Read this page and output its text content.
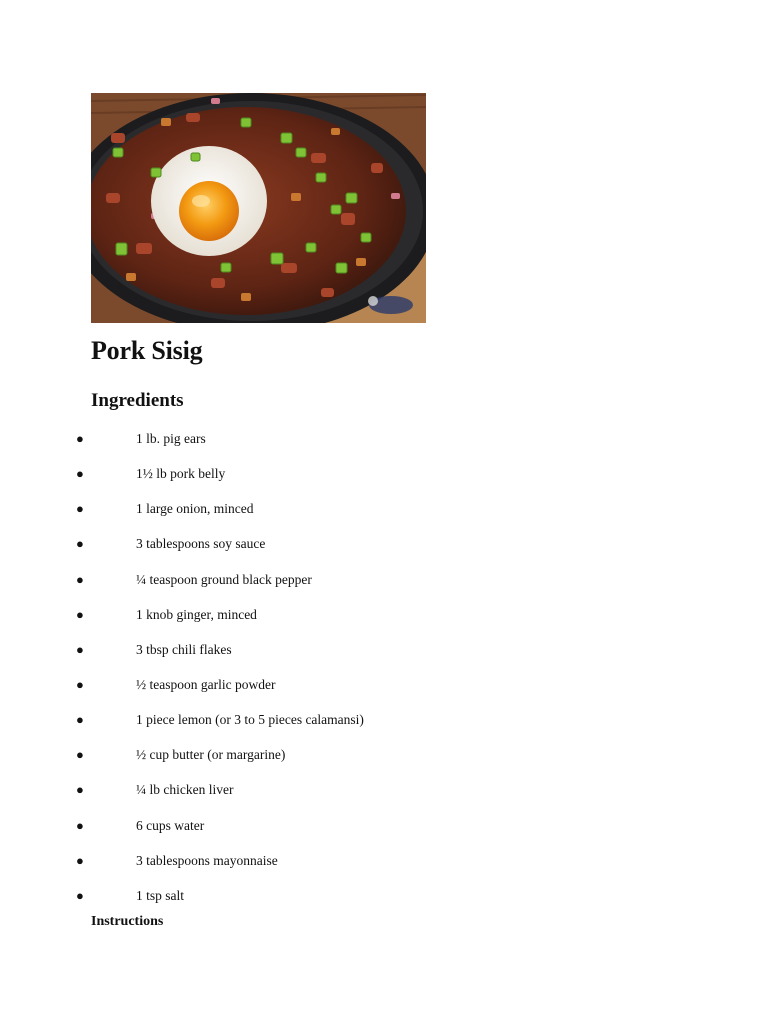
Pork Sisig
Ingredients
●	1 lb. pig ears
●	1½ lb pork belly
●	1 large onion, minced
●	3 tablespoons soy sauce
●	¼ teaspoon ground black pepper
●	1 knob ginger, minced
●	3 tbsp chili flakes
●	½ teaspoon garlic powder
●	1 piece lemon (or 3 to 5 pieces calamansi)
●	½ cup butter (or margarine)
●	¼ lb chicken liver
●	6 cups water
●	3 tablespoons mayonnaise
●	1 tsp salt
Instructions
